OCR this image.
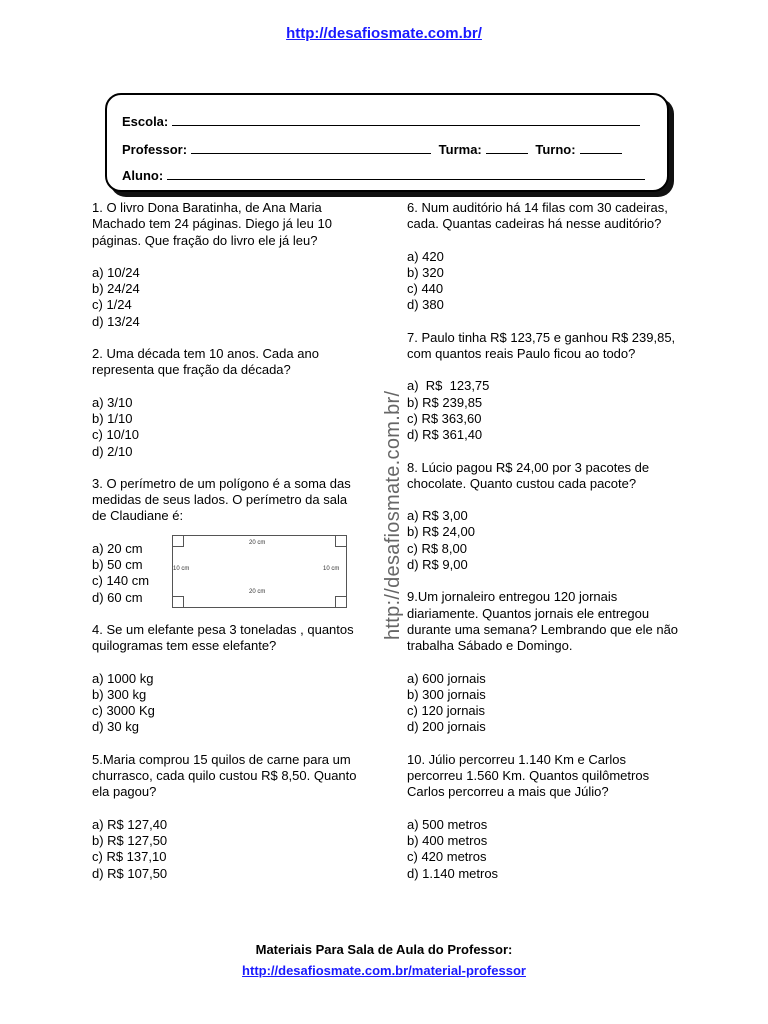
http://desafiosmate.com.br/
Escola:
Professor:	Turma:	Turno:
Aluno:

1. O livro Dona Baratinha, de Ana Maria Machado tem 24 páginas. Diego já leu 10 páginas. Que fração do livro ele já leu?

a) 10/24

b) 24/24

c) 1/24

d) 13/24

2. Uma década tem 10 anos. Cada ano representa que fração da década?

a) 3/10

b) 1/10

c) 10/10

d) 2/10

3. O perímetro de um polígono é a soma das medidas de seus lados. O perímetro da sala de Claudiane é:

a) 20 cm

b) 50 cm

c) 140 cm

d) 60 cm

4. Se um elefante pesa 3 toneladas , quantos quilogramas tem esse elefante?

a) 1000 kg

b) 300 kg

c) 3000 Kg

d) 30 kg

5.Maria comprou 15 quilos de carne para um churrasco, cada quilo custou R$ 8,50. Quanto ela pagou?

a) R$ 127,40

b) R$ 127,50

c) R$ 137,10

d) R$ 107,50

20 cm
20 cm
10 cm	10 cm http://desafiosmate.com.br/

6. Num auditório há 14 filas com 30 cadeiras, cada. Quantas cadeiras há nesse auditório?

a) 420

b) 320

c) 440

d) 380

7. Paulo tinha R$ 123,75 e ganhou R$ 239,85, com quantos reais Paulo ficou ao todo?

a)  R$  123,75

b) R$ 239,85

c) R$ 363,60

d) R$ 361,40

8. Lúcio pagou R$ 24,00 por 3 pacotes de chocolate. Quanto custou cada pacote?

a) R$ 3,00

b) R$ 24,00

c) R$ 8,00

d) R$ 9,00

9.Um jornaleiro entregou 120 jornais diariamente. Quantos jornais ele entregou durante uma semana? Lembrando que ele não trabalha Sábado e Domingo.

a) 600 jornais

b) 300 jornais

c) 120 jornais

d) 200 jornais

10. Júlio percorreu 1.140 Km e Carlos percorreu 1.560 Km. Quantos quilômetros Carlos percorreu a mais que Júlio?

a) 500 metros

b) 400 metros

c) 420 metros

d) 1.140 metros

Materiais Para Sala de Aula do Professor:
http://desafiosmate.com.br/material-professor
